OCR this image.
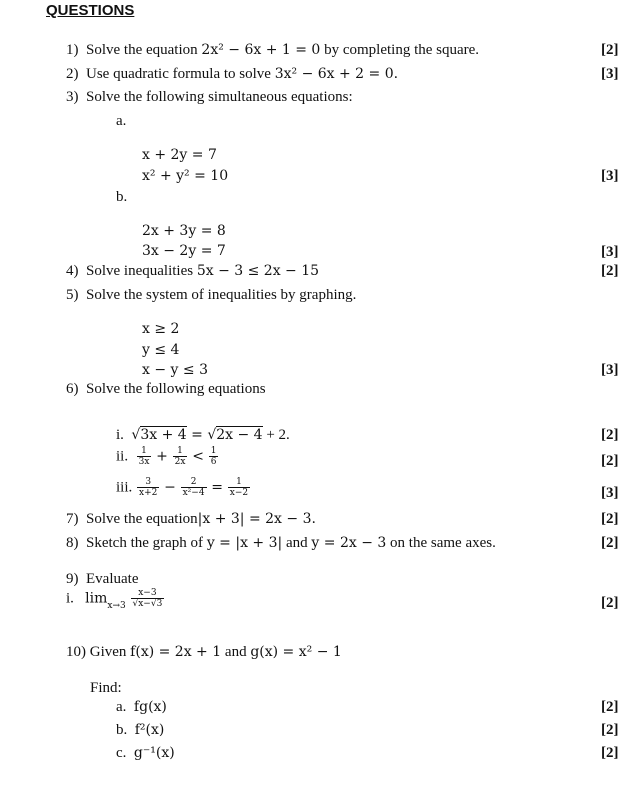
QUESTIONS
1) Solve the equation 2x² − 6x + 1 = 0 by completing the square.	[2]
2) Use quadratic formula to solve 3x² − 6x + 2 = 0.	[3]
3) Solve the following simultaneous equations:
a.
x + 2y = 7
x² + y² = 10	[3]
b.
2x + 3y = 8
3x − 2y = 7	[3]
4) Solve inequalities 5x − 3 ≤ 2x − 15	[2]
5) Solve the system of inequalities by graphing.
x ≥ 2
y ≤ 4
x − y ≤ 3	[3]
6) Solve the following equations
i. √3x + 4 = √2x − 4 + 2.	[2]
ii. $\frac{1}{3x} + \frac{1}{2x} < \frac{1}{6}$	[2]
iii. $\frac{3}{x+2} - \frac{2}{\text{x²−4}} = \frac{1}{x-2}$	[3]
7) Solve the equation|x + 3| = 2x − 3.	[2]
8) Sketch the graph of y = |x + 3| and y = 2x − 3 on the same axes.	[2]
9) Evaluate
i. $\lim_{x\to 3} \frac{x-3}{√x-√3}$	[2]
10) Given f(x) = 2x + 1 and g(x) = x² − 1
Find:
a. fg(x)	[2]
b. f²(x)	[2]
c. g⁻¹(x)	[2]
